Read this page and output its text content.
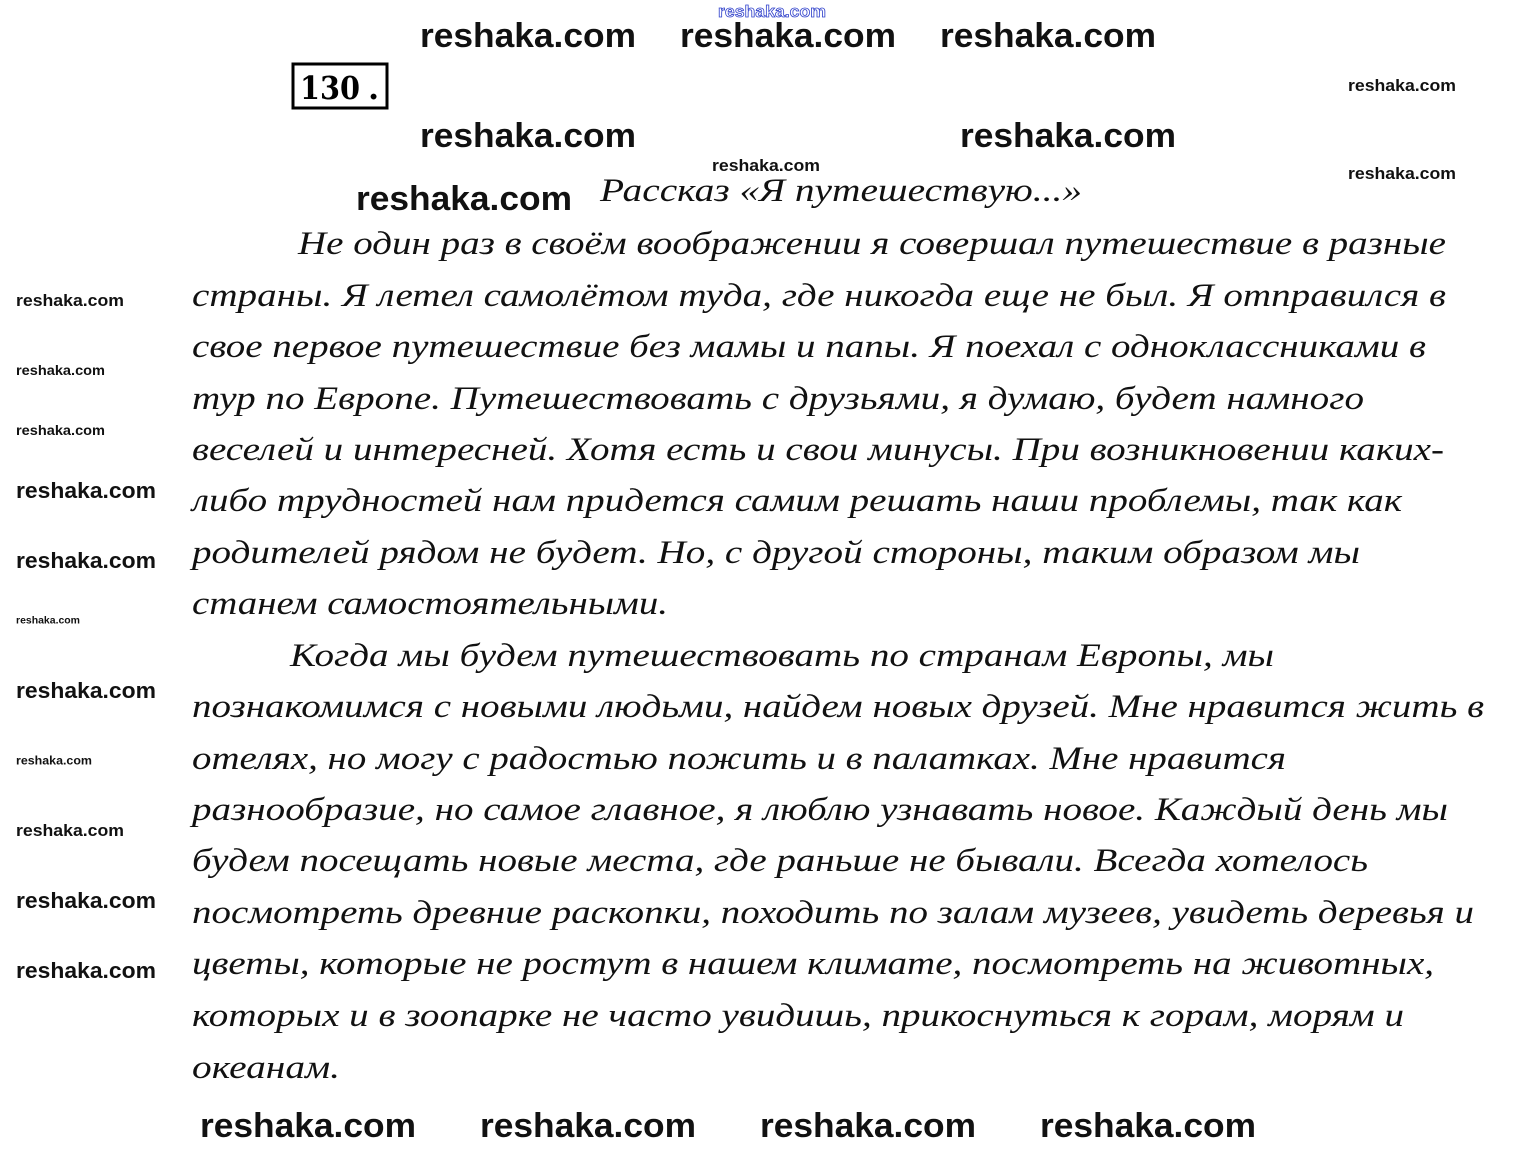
130 .
Рассказ «Я путешествую...»
Не один раз в своём воображении я совершал путешествие в разные
страны. Я летел самолётом туда, где никогда еще не был. Я отправился в
свое первое путешествие без мамы и папы. Я поехал с одноклассниками в
тур по Европе. Путешествовать с друзьями, я думаю, будет намного
веселей и интересней. Хотя есть и свои минусы. При возникновении каких-
либо трудностей нам придется самим решать наши проблемы, так как
родителей рядом не будет. Но, с другой стороны, таким образом мы
станем самостоятельными.
Когда мы будем путешествовать по странам Европы, мы
познакомимся с новыми людьми, найдем новых друзей. Мне нравится жить в
отелях, но могу с радостью пожить и в палатках. Мне нравится
разнообразие, но самое главное, я люблю узнавать новое. Каждый день мы
будем посещать новые места, где раньше не бывали. Всегда хотелось
посмотреть древние раскопки, походить по залам музеев, увидеть деревья и
цветы, которые не ростут в нашем климате, посмотреть на животных,
которых и в зоопарке не часто увидишь, прикоснуться к горам, морям и
океанам.
reshaka.com
reshaka.com
reshaka.com	reshaka.com
reshaka.com
reshaka.com
reshaka.com
reshaka.com
reshaka.com
reshaka.com
reshaka.com
reshaka.com
reshaka.com
reshaka.com
reshaka.com reshaka.com
reshaka.com
reshaka.com reshaka.com
reshaka.com
reshaka.com
reshaka.com
reshaka.com
reshaka.com
reshaka.com
